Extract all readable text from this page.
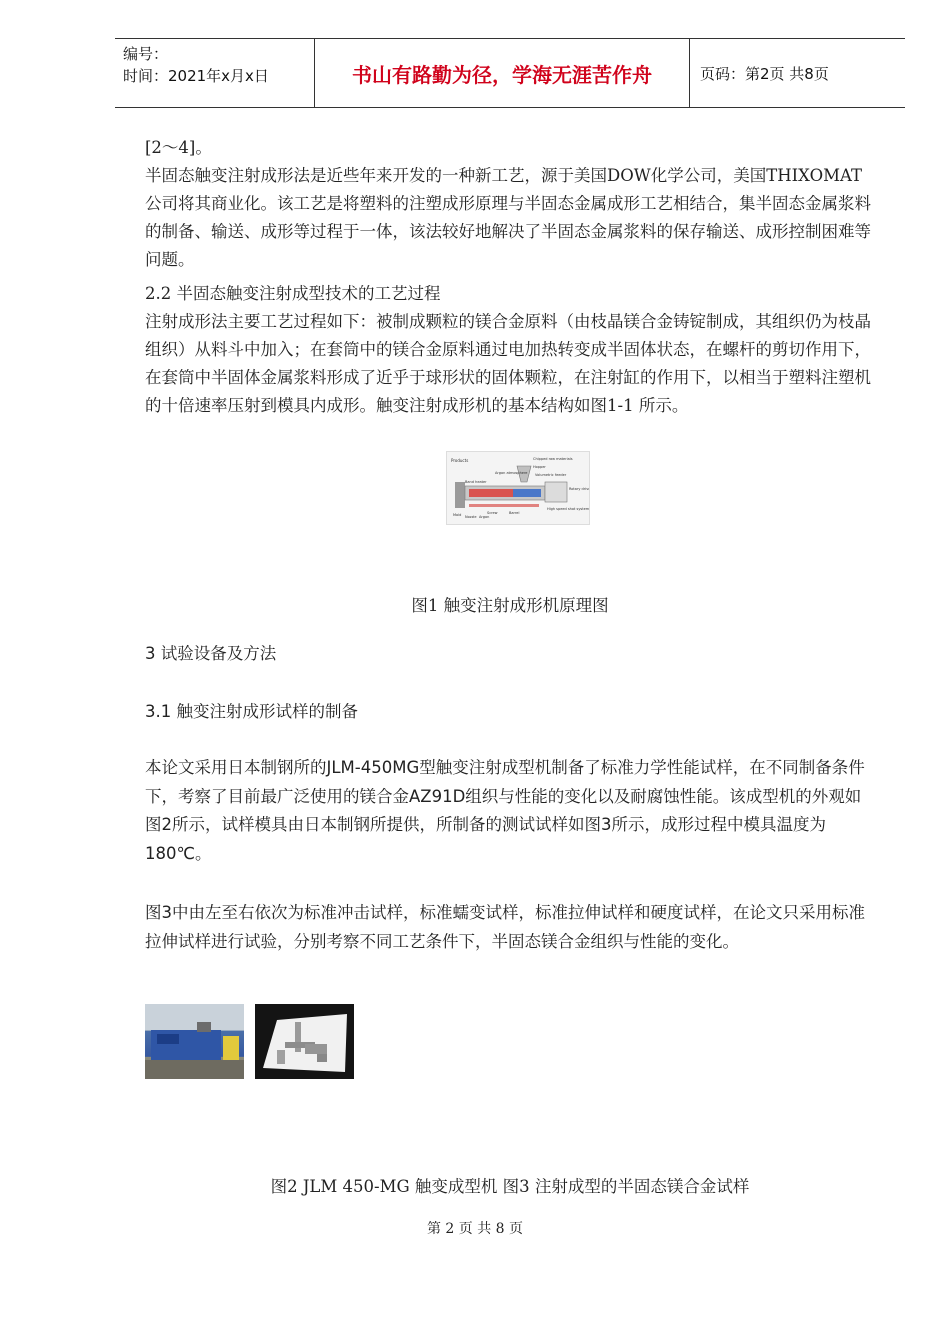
编号：
时间：2021年x月x日	书山有路勤为径，学海无涯苦作舟	页码：第2页 共8页

[2～4]。

半固态触变注射成形法是近些年来开发的一种新工艺，源于美国DOW化学公司，美国THIXOMAT公司将其商业化。该工艺是将塑料的注塑成形原理与半固态金属成形工艺相结合，集半固态金属浆料的制备、输送、成形等过程于一体，该法较好地解决了半固态金属浆料的保存输送、成形控制困难等问题。

2.2 半固态触变注射成型技术的工艺过程

注射成形法主要工艺过程如下：被制成颗粒的镁合金原料（由枝晶镁合金铸锭制成，其组织仍为枝晶组织）从料斗中加入；在套筒中的镁合金原料通过电加热转变成半固体状态，在螺杆的剪切作用下，在套筒中半固体金属浆料形成了近乎于球形状的固体颗粒，在注射缸的作用下，以相当于塑料注塑机的十倍速率压射到模具内成形。触变注射成形机的基本结构如图1-1 所示。

Products	Chipped raw materials
Hopper
Argon atmosphere Volumetric feeder
Rotary drive
Band heater
Screw	Barrel
Mold
High speed shot system
Nozzle Argon
图1 触变注射成形机原理图

3 试验设备及方法

3.1 触变注射成形试样的制备

本论文采用日本制钢所的JLM-450MG型触变注射成型机制备了标准力学性能试样，在不同制备条件下，考察了目前最广泛使用的镁合金AZ91D组织与性能的变化以及耐腐蚀性能。该成型机的外观如图2所示，试样模具由日本制钢所提供，所制备的测试试样如图3所示，成形过程中模具温度为180℃。

图3中由左至右依次为标准冲击试样，标准蠕变试样，标准拉伸试样和硬度试样，在论文只采用标准拉伸试样进行试验，分别考察不同工艺条件下，半固态镁合金组织与性能的变化。

图2 JLM 450-MG 触变成型机 图3 注射成型的半固态镁合金试样
第 2 页 共 8 页
